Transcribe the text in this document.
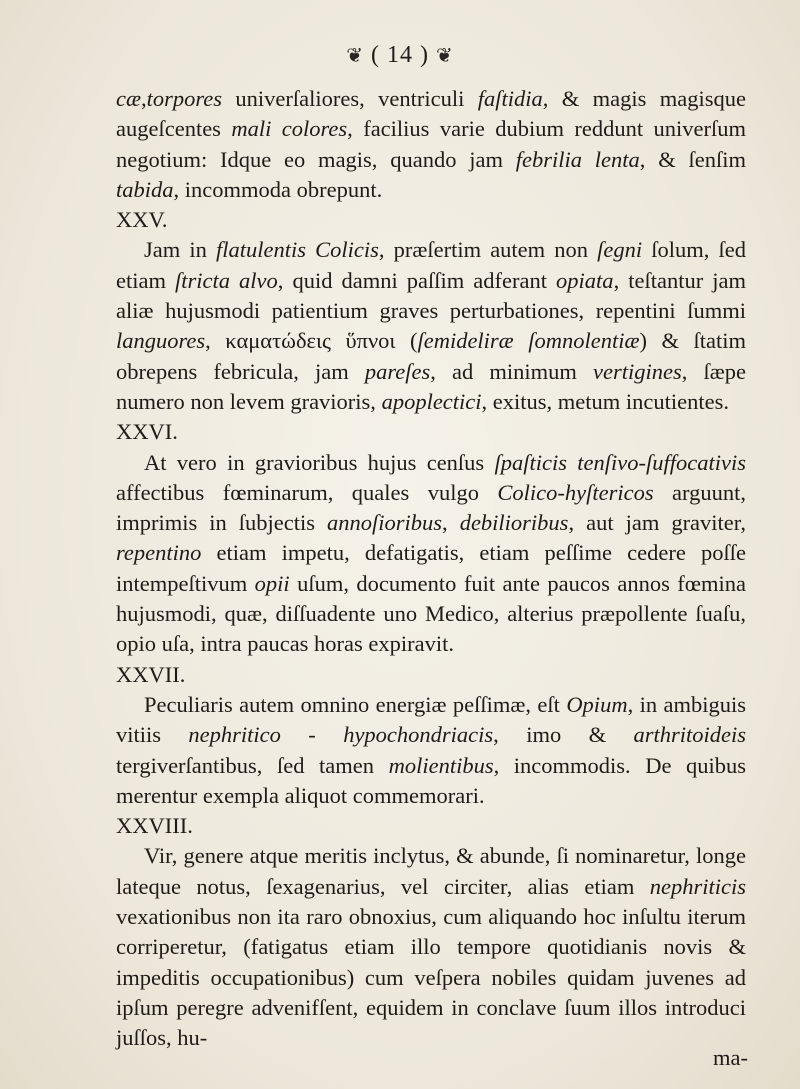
❦ ( 14 ) ❦

cæ,torpores univerſaliores, ventriculi faſtidia, & magis magisque augeſcentes mali colores, facilius varie dubium reddunt univerſum negotium: Idque eo magis, quando jam febrilia lenta, & ſenſim tabida, incommoda obrepunt.

XXV.

Jam in flatulentis Colicis, præſertim autem non ſegni ſolum, ſed etiam ſtricta alvo, quid damni paſſim adferant opiata, teſtantur jam aliæ hujusmodi patientium graves perturbationes, repentini ſummi languores, καματώδεις ὕπνοι (ſemideliræ ſomnolentiæ) & ſtatim obrepens febricula, jam pareſes, ad minimum vertigines, ſæpe numero non levem gravioris, apoplectici, exitus, metum incutientes.

XXVI.

At vero in gravioribus hujus cenſus ſpaſticis tenſivo-ſuffocativis affectibus fœminarum, quales vulgo Colico-hyſtericos arguunt, imprimis in ſubjectis annoſioribus, debilioribus, aut jam graviter, repentino etiam impetu, defatigatis, etiam peſſime cedere poſſe intempeſtivum opii uſum, documento fuit ante paucos annos fœmina hujusmodi, quæ, diſſuadente uno Medico, alterius præpollente ſuaſu, opio uſa, intra paucas horas expiravit.

XXVII.

Peculiaris autem omnino energiæ peſſimæ, eſt Opium, in ambiguis vitiis nephritico - hypochondriacis, imo & arthritoideis tergiverſantibus, ſed tamen molientibus, incommodis. De quibus merentur exempla aliquot commemorari.

XXVIII.

Vir, genere atque meritis inclytus, & abunde, ſi nominaretur, longe lateque notus, ſexagenarius, vel circiter, alias etiam nephriticis vexationibus non ita raro obnoxius, cum aliquando hoc inſultu iterum corriperetur, (fatigatus etiam illo tempore quotidianis novis & impeditis occupationibus) cum veſpera nobiles quidam juvenes ad ipſum peregre advenifſent, equidem in conclave ſuum illos introduci juſſos, hu-

ma-
